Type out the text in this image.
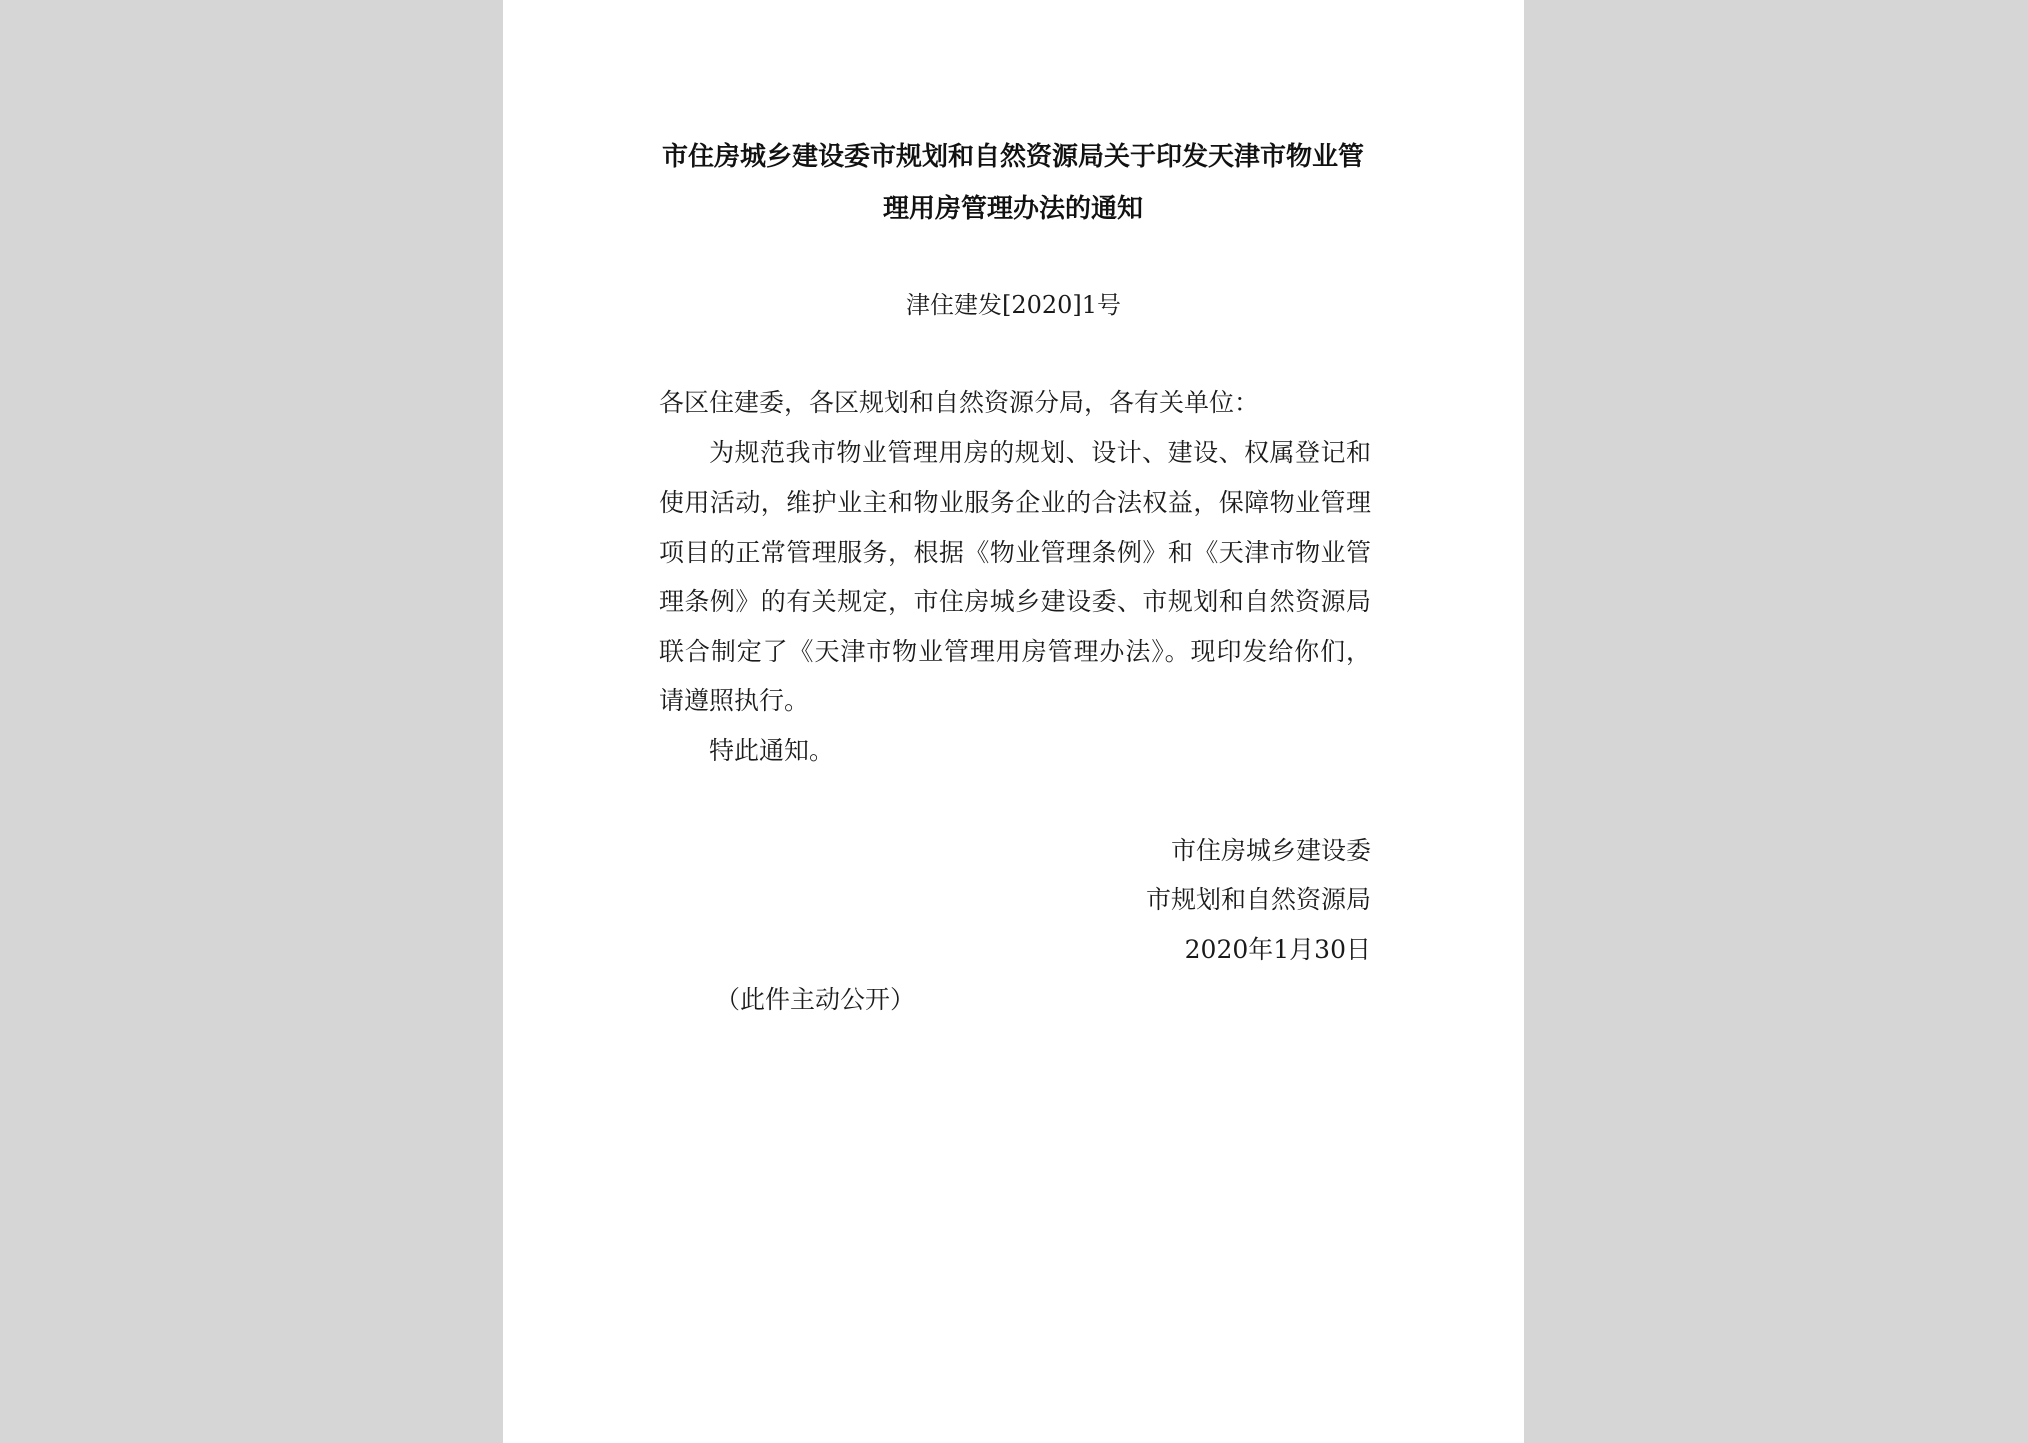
市住房城乡建设委市规划和自然资源局关于印发天津市物业管
理用房管理办法的通知
津住建发[2020]1号
各区住建委，各区规划和自然资源分局，各有关单位：
为规范我市物业管理用房的规划、设计、建设、权属登记和
使用活动，维护业主和物业服务企业的合法权益，保障物业管理
项目的正常管理服务，根据《物业管理条例》和《天津市物业管
理条例》的有关规定，市住房城乡建设委、市规划和自然资源局
联合制定了《天津市物业管理用房管理办法》。现印发给你们，
请遵照执行。
特此通知。
市住房城乡建设委
市规划和自然资源局
2020年1月30日
（此件主动公开）
